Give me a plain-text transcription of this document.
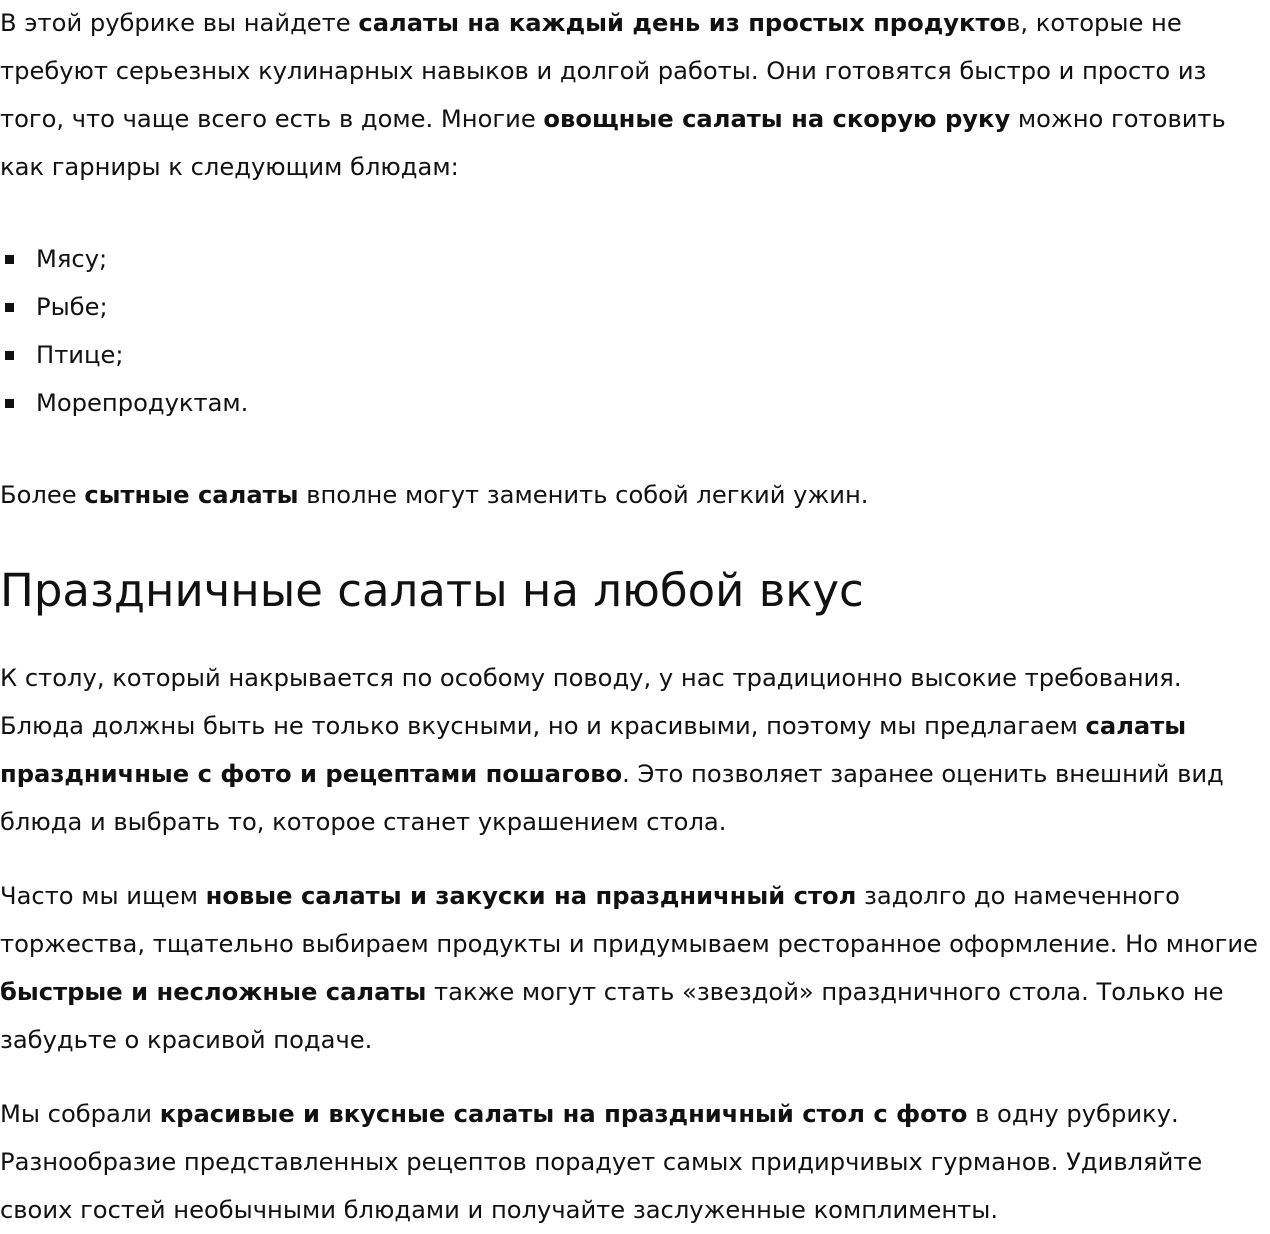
В этой рубрике вы найдете салаты на каждый день из простых продуктов, которые не требуют серьезных кулинарных навыков и долгой работы. Они готовятся быстро и просто из того, что чаще всего есть в доме. Многие овощные салаты на скорую руку можно готовить как гарниры к следующим блюдам:

Мясу;
Рыбе;
Птице;
Морепродуктам.

Более сытные салаты вполне могут заменить собой легкий ужин.

Праздничные салаты на любой вкус

К столу, который накрывается по особому поводу, у нас традиционно высокие требования. Блюда должны быть не только вкусными, но и красивыми, поэтому мы предлагаем салаты праздничные с фото и рецептами пошагово. Это позволяет заранее оценить внешний вид блюда и выбрать то, которое станет украшением стола.

Часто мы ищем новые салаты и закуски на праздничный стол задолго до намеченного торжества, тщательно выбираем продукты и придумываем ресторанное оформление. Но многие быстрые и несложные салаты также могут стать «звездой» праздничного стола. Только не забудьте о красивой подаче.

Мы собрали красивые и вкусные салаты на праздничный стол с фото в одну рубрику. Разнообразие представленных рецептов порадует самых придирчивых гурманов. Удивляйте своих гостей необычными блюдами и получайте заслуженные комплименты.
